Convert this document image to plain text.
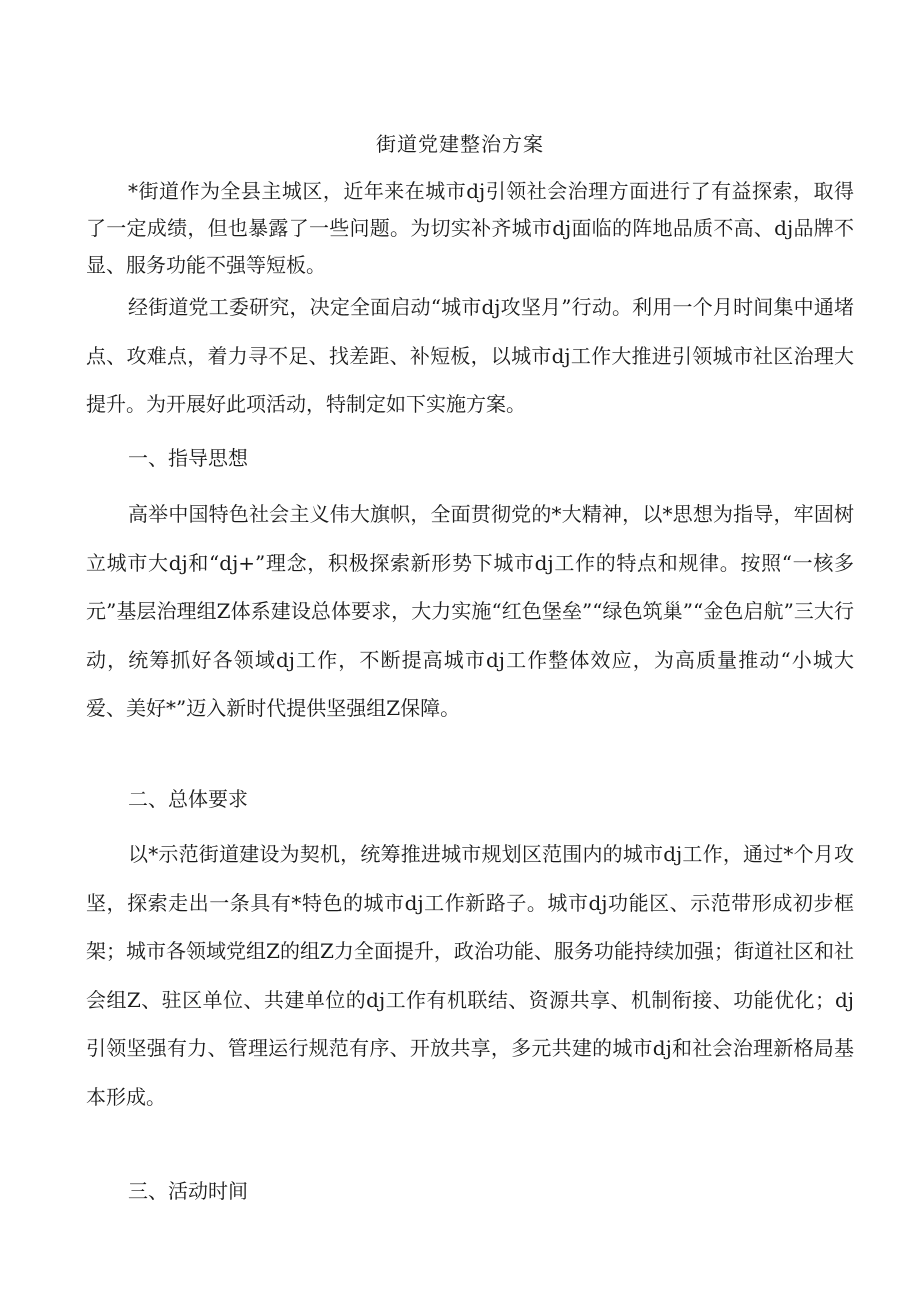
街道党建整治方案

*街道作为全县主城区，近年来在城市dj引领社会治理方面进行了有益探索，取得了一定成绩，但也暴露了一些问题。为切实补齐城市dj面临的阵地品质不高、dj品牌不显、服务功能不强等短板。

经街道党工委研究，决定全面启动“城市dj攻坚月”行动。利用一个月时间集中通堵点、攻难点，着力寻不足、找差距、补短板，以城市dj工作大推进引领城市社区治理大提升。为开展好此项活动，特制定如下实施方案。

一、指导思想

高举中国特色社会主义伟大旗帜，全面贯彻党的*大精神，以*思想为指导，牢固树立城市大dj和“dj+”理念，积极探索新形势下城市dj工作的特点和规律。按照“一核多元”基层治理组Z体系建设总体要求，大力实施“红色堡垒”“绿色筑巢”“金色启航”三大行动，统筹抓好各领域dj工作，不断提高城市dj工作整体效应，为高质量推动“小城大爱、美好*”迈入新时代提供坚强组Z保障。

二、总体要求

以*示范街道建设为契机，统筹推进城市规划区范围内的城市dj工作，通过*个月攻坚，探索走出一条具有*特色的城市dj工作新路子。城市dj功能区、示范带形成初步框架；城市各领域党组Z的组Z力全面提升，政治功能、服务功能持续加强；街道社区和社会组Z、驻区单位、共建单位的dj工作有机联结、资源共享、机制衔接、功能优化；dj引领坚强有力、管理运行规范有序、开放共享，多元共建的城市dj和社会治理新格局基本形成。

三、活动时间
